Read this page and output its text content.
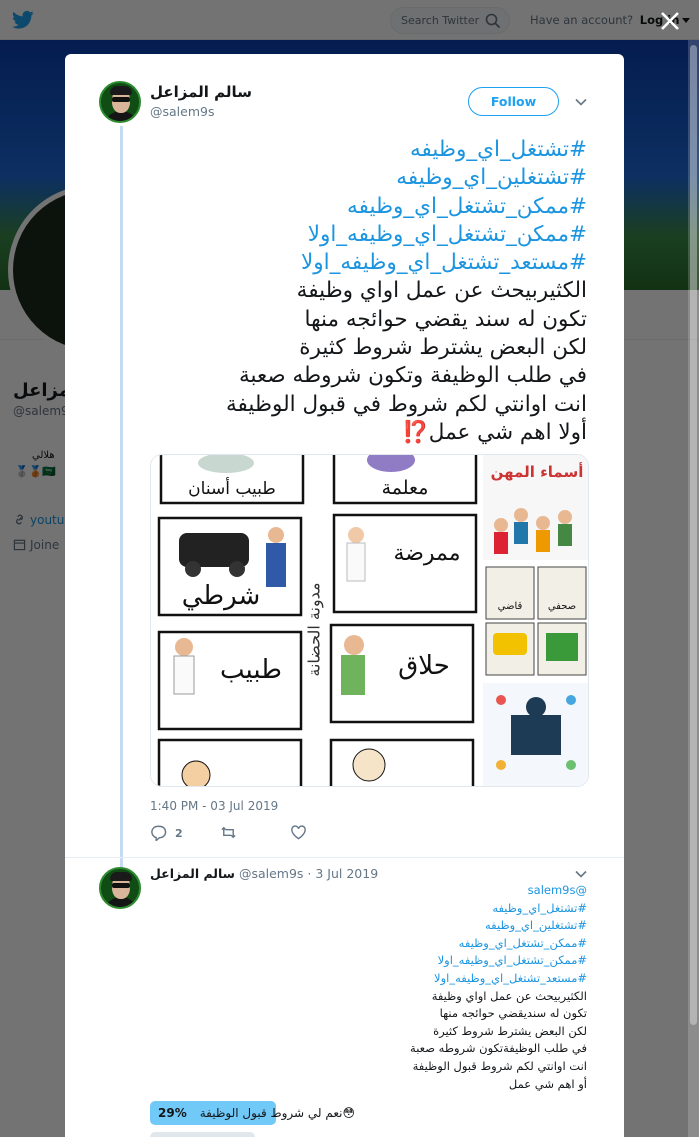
سالم المزاعل
@salem9s
Follow
#تشتغل_اي_وظيفه
#تشتغلين_اي_وظيفه
#ممكن_تشتغل_اي_وظيفه
#ممكن_تشتغل_اي_وظيفه_اولا
#مستعد_تشتغل_اي_وظيفه_اولا
الكثيربيحث عن عمل اواي وظيفة
تكون له سند يقضي حوائجه منها
لكن البعض يشترط شروط كثيرة
في طلب الوظيفة وتكون شروطه صعبة
انت اوانتي لكم شروط في قبول الوظيفة
أولا اهم شي عمل⁉️
طبيب أسنان	معلمة
ممرضة
شرطي
طبيب	حلاق
مدونة الحضانة
أسماء المهن
قاضي	صحفي
1:40 PM - 03 Jul 2019
2
سالم المزاعل @salem9s · 3 Jul 2019
@salem9s
#تشتغل_اي_وظيفه
#تشتغلين_اي_وظيفه
#ممكن_تشتغل_اي_وظيفه
#ممكن_تشتغل_اي_وظيفه_اولا
#مستعد_تشتغل_اي_وظيفه_اولا
الكثيربيحث عن عمل اواي وظيفة
تكون له سنديقضي حوائجه منها
لكن البعض يشترط شروط كثيرة
في طلب الوظيفةتكون شروطه صعبة
انت اوانتي لكم شروط قبول الوظيفة
أو اهم شي عمل
29% 😳نعم لي شروط قبول الوظيفة
